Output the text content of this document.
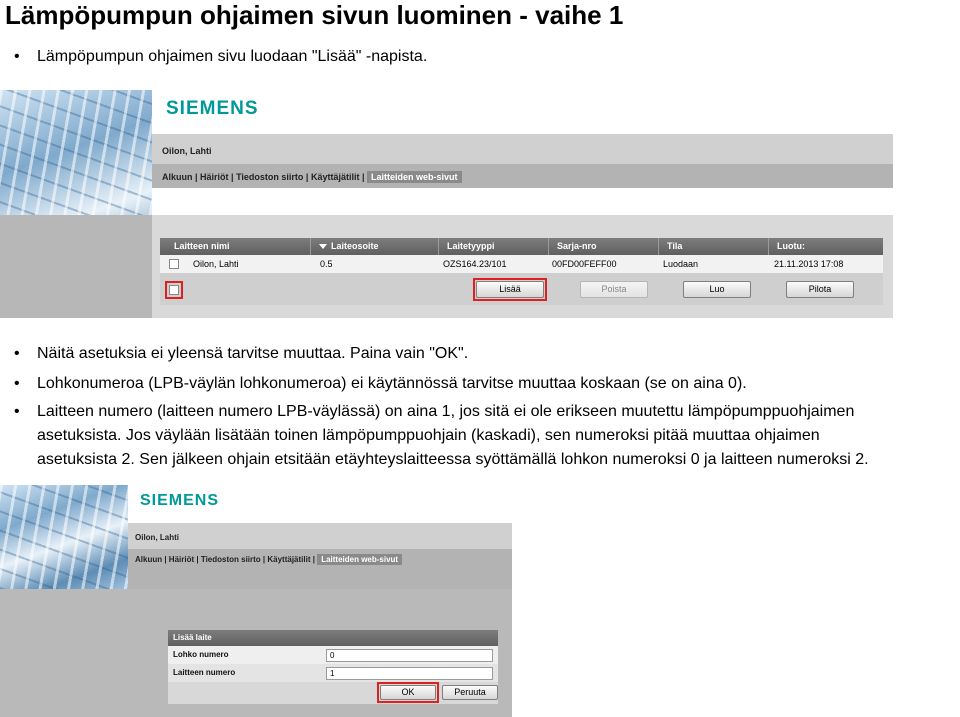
Lämpöpumpun ohjaimen sivun luominen - vaihe 1
• Lämpöpumpun ohjaimen sivu luodaan "Lisää" -napista.
SIEMENS
Oilon, Lahti
Alkuun | Häiriöt | Tiedoston siirto | Käyttäjätilit | Laitteiden web-sivut
Laitteen nimi	Laiteosoite	Laitetyyppi	Sarja-nro	Tila	Luotu:
Oilon, Lahti	0.5	OZS164.23/101	00FD00FEFF00	Luodaan	21.11.2013 17:08
Lisää	Poista	Luo	Pilota
• Näitä asetuksia ei yleensä tarvitse muuttaa. Paina vain "OK".
• Lohkonumeroa (LPB-väylän lohkonumeroa) ei käytännössä tarvitse muuttaa koskaan (se on aina 0).
• Laitteen numero (laitteen numero LPB-väylässä) on aina 1, jos sitä ei ole erikseen muutettu lämpöpumppuohjaimen
asetuksista. Jos väylään lisätään toinen lämpöpumppuohjain (kaskadi), sen numeroksi pitää muuttaa ohjaimen
asetuksista 2. Sen jälkeen ohjain etsitään etäyhteyslaitteessa syöttämällä lohkon numeroksi 0 ja laitteen numeroksi 2.
SIEMENS
Oilon, Lahti
Alkuun | Häiriöt | Tiedoston siirto | Käyttäjätilit | Laitteiden web-sivut
Lisää laite
Lohko numero	0
Laitteen numero	1
OK	Peruuta
